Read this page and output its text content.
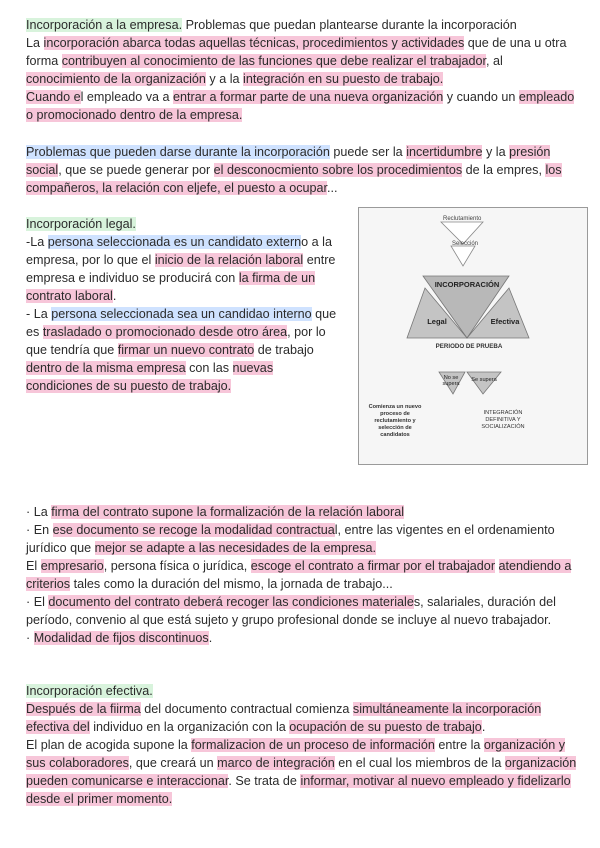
Incorporación a la empresa. Problemas que puedan plantearse durante la incorporación

La incorporación abarca todas aquellas técnicas, procedimientos y actividades que de una u otra forma contribuyen al conocimiento de las funciones que debe realizar el trabajador, al conocimiento de la organización y a la integración en su puesto de trabajo.

Cuando el empleado va a entrar a formar parte de una nueva organización y cuando un empleado o promocionado dentro de la empresa.

Problemas que pueden darse durante la incorporación puede ser la incertidumbre y la presión social, que se puede generar por el desconocmiento sobre los procedimientos de la empres, los compañeros, la relación con eljefe, el puesto a ocupar...

Incorporación legal.

-La persona seleccionada es un candidato externo a la empresa, por lo que el inicio de la relación laboral entre empresa e individuo se producirá con la firma de un contrato laboral.

- La persona seleccionada sea un candidao interno que es trasladado o promocionado desde otro área, por lo que tendría que firmar un nuevo contrato de trabajo dentro de la misma empresa con las nuevas condiciones de su puesto de trabajo.

Reclutamiento
Selección
INCORPORACIÓN
Legal	Efectiva
PERIODO DE PRUEBA
No se
supera
Se supera
Comienza un nuevo
proceso de
reclutamiento y
selección de
candidatos
INTEGRACIÓN
DEFINITIVA Y
SOCIALIZACIÓN

· La firma del contrato supone la formalización de la relación laboral

· En ese documento se recoge la modalidad contractual, entre las vigentes en el ordenamiento jurídico que mejor se adapte a las necesidades de la empresa.

El empresario, persona física o jurídica, escoge el contrato a firmar por el trabajador atendiendo a criterios tales como la duración del mismo, la jornada de trabajo...

· El documento del contrato deberá recoger las condiciones materiales, salariales, duración del período, convenio al que está sujeto y grupo profesional donde se incluye al nuevo trabajador.

· Modalidad de fijos discontinuos.

Incorporación efectiva.

Después de la fiirma del documento contractual comienza simultáneamente la incorporación efectiva del individuo en la organización con la ocupación de su puesto de trabajo.

El plan de acogida supone la formalizacion de un proceso de información entre la organización y sus colaboradores, que creará un marco de integración en el cual los miembros de la organización pueden comunicarse e interaccionar. Se trata de informar, motivar al nuevo empleado y fidelizarlo desde el primer momento.
